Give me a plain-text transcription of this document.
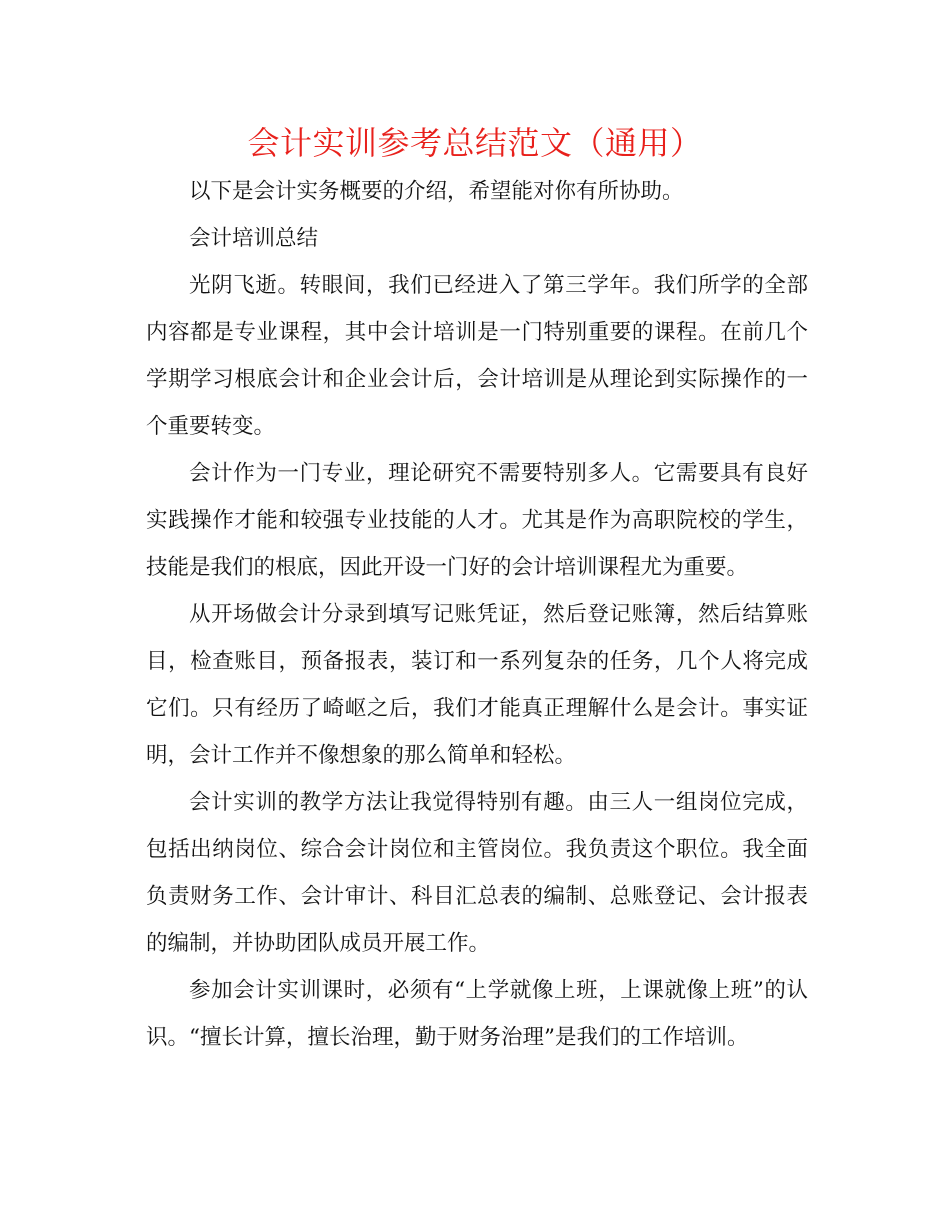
会计实训参考总结范文（通用）

以下是会计实务概要的介绍，希望能对你有所协助。

会计培训总结

光阴飞逝。转眼间，我们已经进入了第三学年。我们所学的全部内容都是专业课程，其中会计培训是一门特别重要的课程。在前几个学期学习根底会计和企业会计后，会计培训是从理论到实际操作的一个重要转变。

会计作为一门专业，理论研究不需要特别多人。它需要具有良好实践操作才能和较强专业技能的人才。尤其是作为高职院校的学生，技能是我们的根底，因此开设一门好的会计培训课程尤为重要。

从开场做会计分录到填写记账凭证，然后登记账簿，然后结算账目，检查账目，预备报表，装订和一系列复杂的任务，几个人将完成它们。只有经历了崎岖之后，我们才能真正理解什么是会计。事实证明，会计工作并不像想象的那么简单和轻松。

会计实训的教学方法让我觉得特别有趣。由三人一组岗位完成，包括出纳岗位、综合会计岗位和主管岗位。我负责这个职位。我全面负责财务工作、会计审计、科目汇总表的编制、总账登记、会计报表的编制，并协助团队成员开展工作。

参加会计实训课时，必须有“上学就像上班，上课就像上班”的认识。“擅长计算，擅长治理，勤于财务治理”是我们的工作培训。
